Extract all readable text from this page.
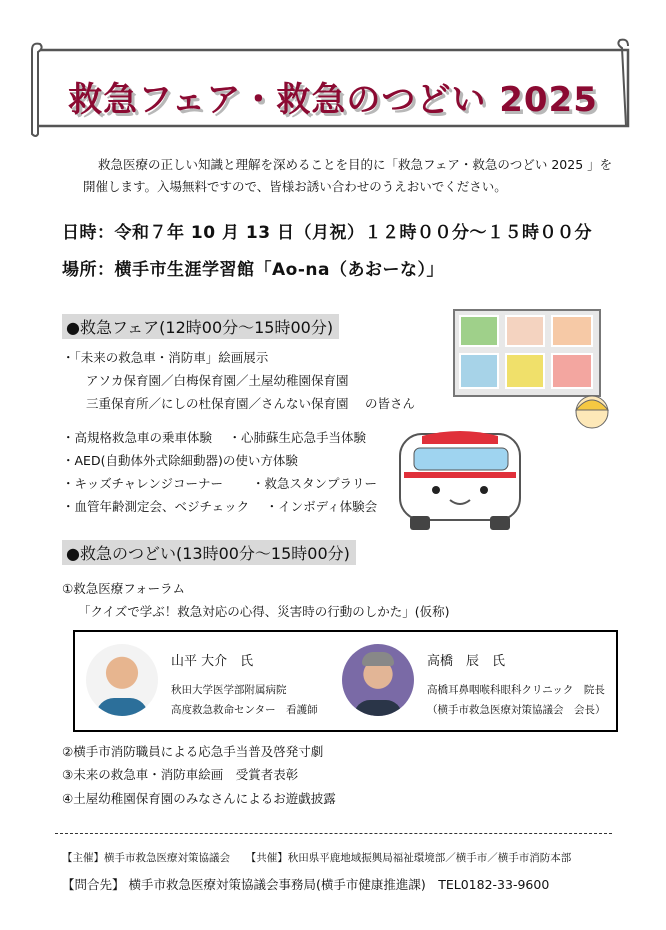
救急フェア・救急のつどい 2025
救急医療の正しい知識と理解を深めることを目的に「救急フェア・救急のつどい 2025 」を
開催します。入場無料ですので、皆様お誘い合わせのうえおいでください。
日時：令和７年 10 月 13 日（月祝）１２時００分～１５時００分
場所：横手市生涯学習館「Ao-na（あおーな）」
●救急フェア(12時00分～15時00分)
・「未来の救急車・消防車」絵画展示
アソカ保育園／白梅保育園／土屋幼稚園保育園
三重保育所／にしの杜保育園／さんない保育園　 の皆さん
・高規格救急車の乗車体験　 ・心肺蘇生応急手当体験
・AED(自動体外式除細動器)の使い方体験
・キッズチャレンジコーナー　　 ・救急スタンプラリー
・血管年齢測定会、ベジチェック　 ・インボディ体験会
●救急のつどい(13時00分～15時00分)
①救急医療フォーラム
「クイズで学ぶ！救急対応の心得、災害時の行動のしかた」(仮称)
山平 大介　氏
秋田大学医学部附属病院
高度救急救命センター　看護師
高橋　辰　氏
高橋耳鼻咽喉科眼科クリニック　院長
（横手市救急医療対策協議会　会長）
②横手市消防職員による応急手当普及啓発寸劇
③未来の救急車・消防車絵画　受賞者表彰
④土屋幼稚園保育園のみなさんによるお遊戯披露
【主催】横手市救急医療対策協議会　　【共催】秋田県平鹿地域振興局福祉環境部／横手市／横手市消防本部
【問合先】 横手市救急医療対策協議会事務局(横手市健康推進課)　TEL0182-33-9600
